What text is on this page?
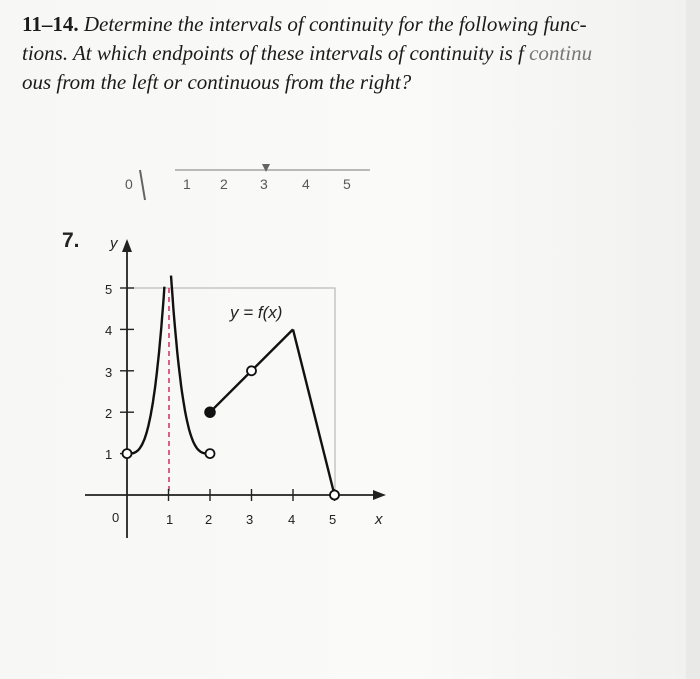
11–14. Determine the intervals of continuity for the following func-
tions. At which endpoints of these intervals of continuity is f continu
ous from the left or continuous from the right?
0	1 2 3 4 5
7. y
x
0	1 2	3	4	5
1
2
3
4
5
y = f(x)
